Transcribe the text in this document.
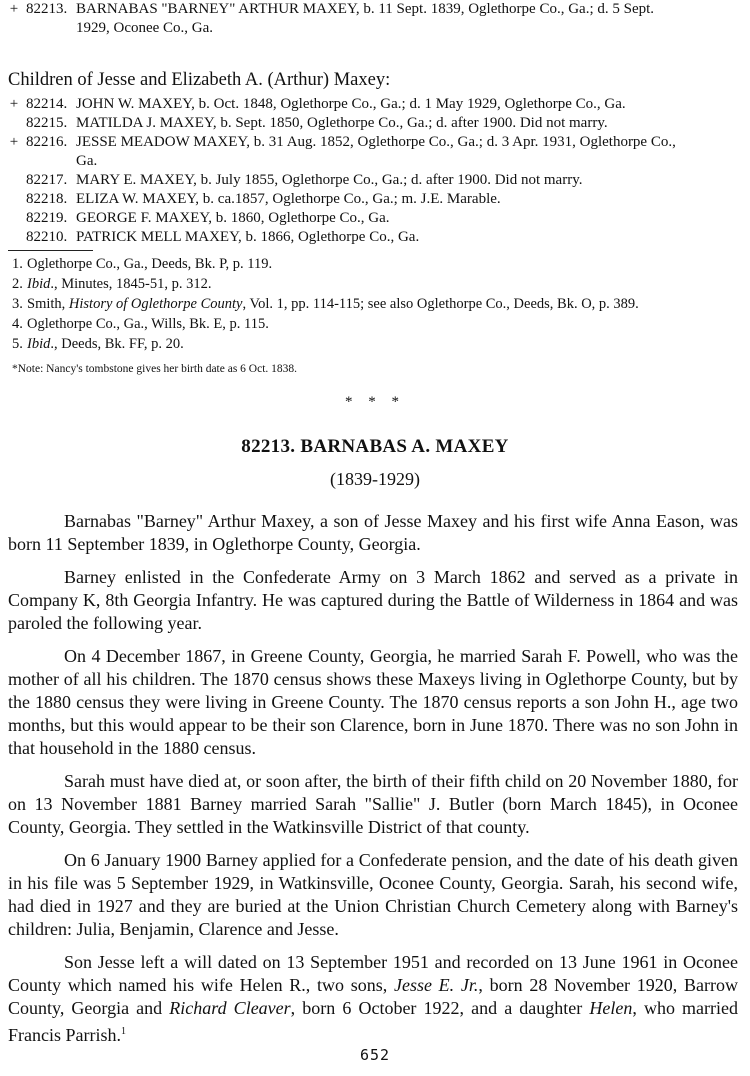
+ 82213. BARNABAS "BARNEY" ARTHUR MAXEY, b. 11 Sept. 1839, Oglethorpe Co., Ga.; d. 5 Sept.
1929, Oconee Co., Ga.
Children of Jesse and Elizabeth A. (Arthur) Maxey:
+ 82214. JOHN W. MAXEY, b. Oct. 1848, Oglethorpe Co., Ga.; d. 1 May 1929, Oglethorpe Co., Ga.
82215. MATILDA J. MAXEY, b. Sept. 1850, Oglethorpe Co., Ga.; d. after 1900. Did not marry.
+ 82216. JESSE MEADOW MAXEY, b. 31 Aug. 1852, Oglethorpe Co., Ga.; d. 3 Apr. 1931, Oglethorpe Co.,
Ga.
82217. MARY E. MAXEY, b. July 1855, Oglethorpe Co., Ga.; d. after 1900. Did not marry.
82218. ELIZA W. MAXEY, b. ca.1857, Oglethorpe Co., Ga.; m. J.E. Marable.
82219. GEORGE F. MAXEY, b. 1860, Oglethorpe Co., Ga.
82210. PATRICK MELL MAXEY, b. 1866, Oglethorpe Co., Ga.
1. Oglethorpe Co., Ga., Deeds, Bk. P, p. 119.
2. Ibid., Minutes, 1845-51, p. 312.
3. Smith, History of Oglethorpe County, Vol. 1, pp. 114-115; see also Oglethorpe Co., Deeds, Bk. O, p. 389.
4. Oglethorpe Co., Ga., Wills, Bk. E, p. 115.
5. Ibid., Deeds, Bk. FF, p. 20.
*Note: Nancy's tombstone gives her birth date as 6 Oct. 1838.
* * *
82213. BARNABAS A. MAXEY
(1839-1929)

Barnabas "Barney" Arthur Maxey, a son of Jesse Maxey and his first wife Anna Eason, was born 11 September 1839, in Oglethorpe County, Georgia.

Barney enlisted in the Confederate Army on 3 March 1862 and served as a private in Company K, 8th Georgia Infantry. He was captured during the Battle of Wilderness in 1864 and was paroled the following year.

On 4 December 1867, in Greene County, Georgia, he married Sarah F. Powell, who was the mother of all his children. The 1870 census shows these Maxeys living in Oglethorpe County, but by the 1880 census they were living in Greene County. The 1870 census reports a son John H., age two months, but this would appear to be their son Clarence, born in June 1870. There was no son John in that household in the 1880 census.

Sarah must have died at, or soon after, the birth of their fifth child on 20 November 1880, for on 13 November 1881 Barney married Sarah "Sallie" J. Butler (born March 1845), in Oconee County, Georgia. They settled in the Watkinsville District of that county.

On 6 January 1900 Barney applied for a Confederate pension, and the date of his death given in his file was 5 September 1929, in Watkinsville, Oconee County, Georgia. Sarah, his second wife, had died in 1927 and they are buried at the Union Christian Church Cemetery along with Barney's children: Julia, Benjamin, Clarence and Jesse.

Son Jesse left a will dated on 13 September 1951 and recorded on 13 June 1961 in Oconee County which named his wife Helen R., two sons, Jesse E. Jr., born 28 November 1920, Barrow County, Georgia and Richard Cleaver, born 6 October 1922, and a daughter Helen, who married Francis Parrish.$^1$

652
